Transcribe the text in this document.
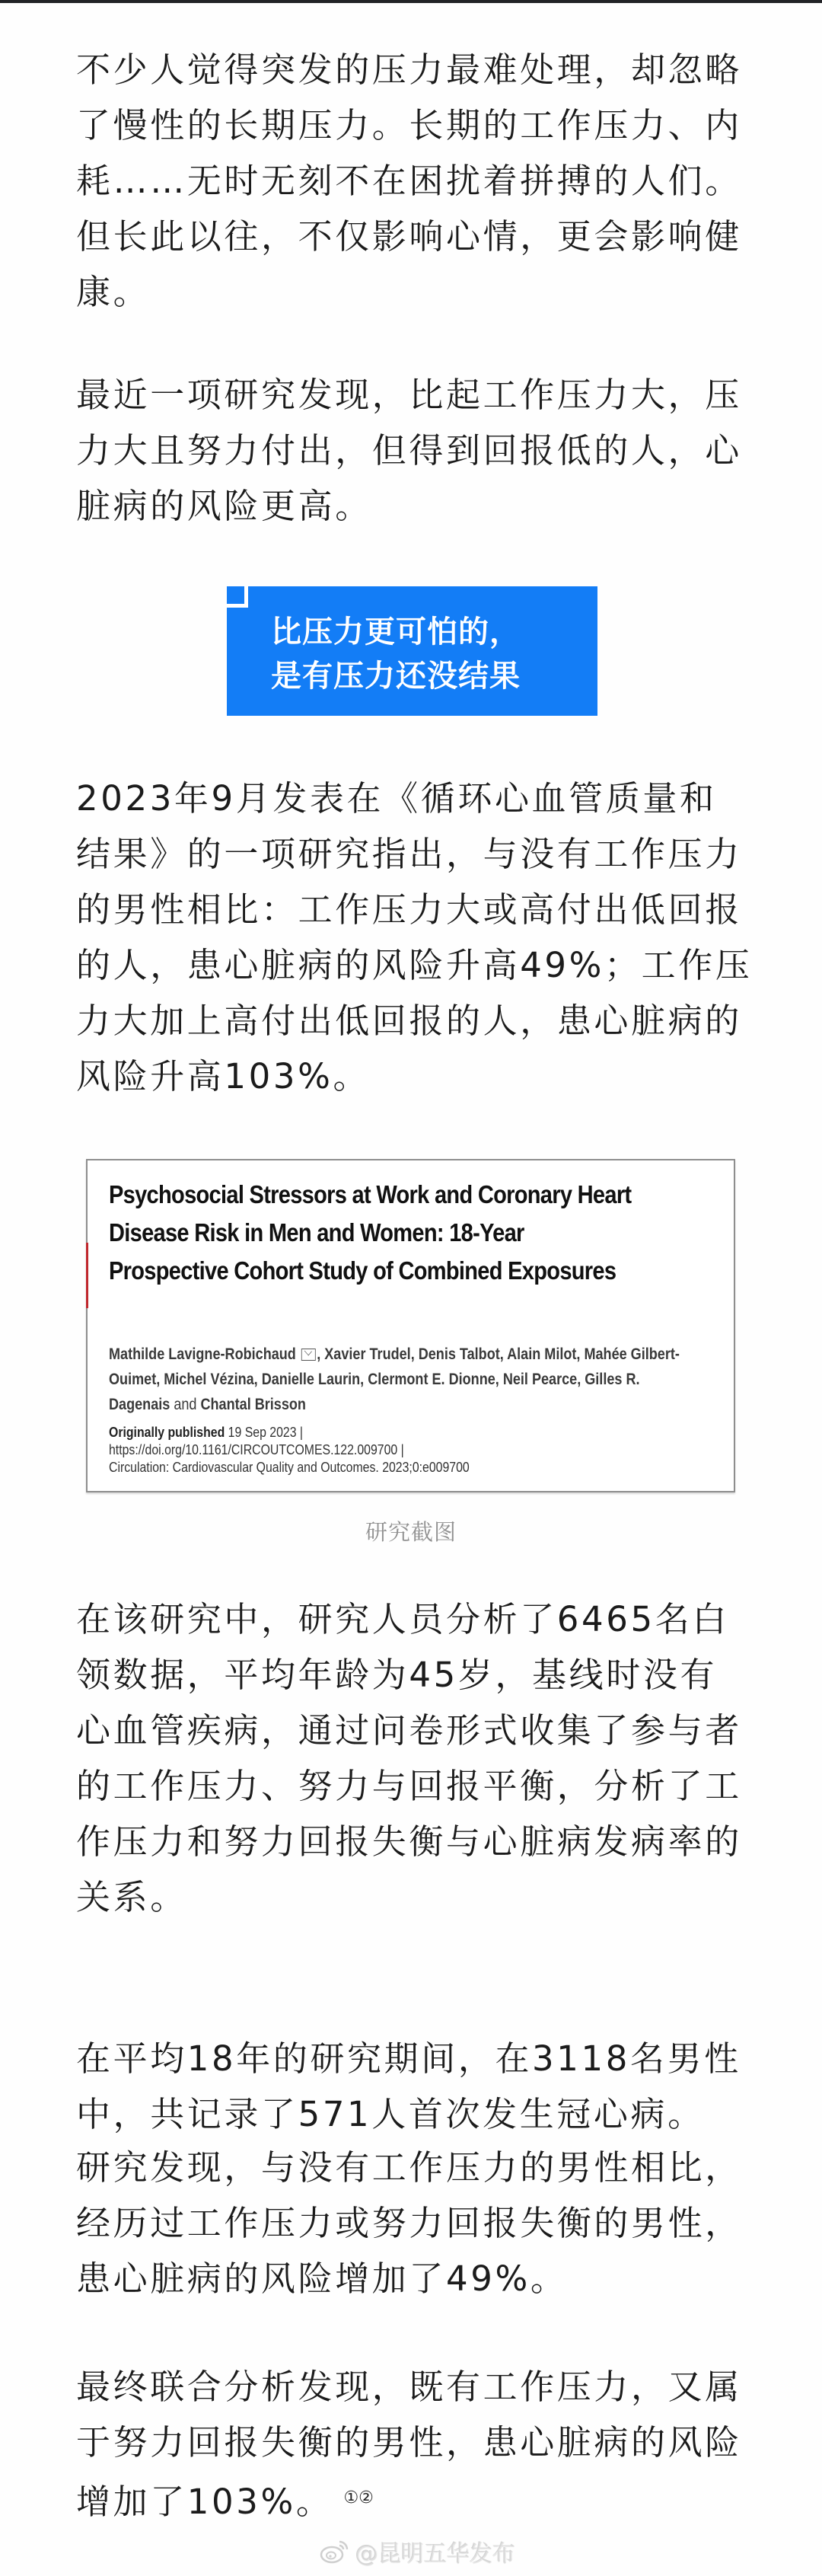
不少人觉得突发的压力最难处理，却忽略了慢性的长期压力。长期的工作压力、内耗……无时无刻不在困扰着拼搏的人们。但长此以往，不仅影响心情，更会影响健康。

最近一项研究发现，比起工作压力大，压力大且努力付出，但得到回报低的人，心脏病的风险更高。

比压力更可怕的，
是有压力还没结果

2023年9月发表在《循环心血管质量和结果》的一项研究指出，与没有工作压力的男性相比：工作压力大或高付出低回报的人，患心脏病的风险升高49%；工作压力大加上高付出低回报的人，患心脏病的风险升高103%。

Psychosocial Stressors at Work and Coronary Heart Disease Risk in Men and Women: 18-Year Prospective Cohort Study of Combined Exposures
Mathilde Lavigne-Robichaud , Xavier Trudel, Denis Talbot, Alain Milot, Mahée Gilbert-Ouimet, Michel Vézina, Danielle Laurin, Clermont E. Dionne, Neil Pearce, Gilles R. Dagenais and Chantal Brisson
Originally published 19 Sep 2023 |
https://doi.org/10.1161/CIRCOUTCOMES.122.009700 |
Circulation: Cardiovascular Quality and Outcomes. 2023;0:e009700
研究截图

在该研究中，研究人员分析了6465名白领数据，平均年龄为45岁，基线时没有心血管疾病，通过问卷形式收集了参与者的工作压力、努力与回报平衡，分析了工作压力和努力回报失衡与心脏病发病率的关系。

在平均18年的研究期间，在3118名男性中，共记录了571人首次发生冠心病。

研究发现，与没有工作压力的男性相比，经历过工作压力或努力回报失衡的男性，患心脏病的风险增加了49%。

最终联合分析发现，既有工作压力，又属于努力回报失衡的男性，患心脏病的风险增加了103%。 ①②

@昆明五华发布
